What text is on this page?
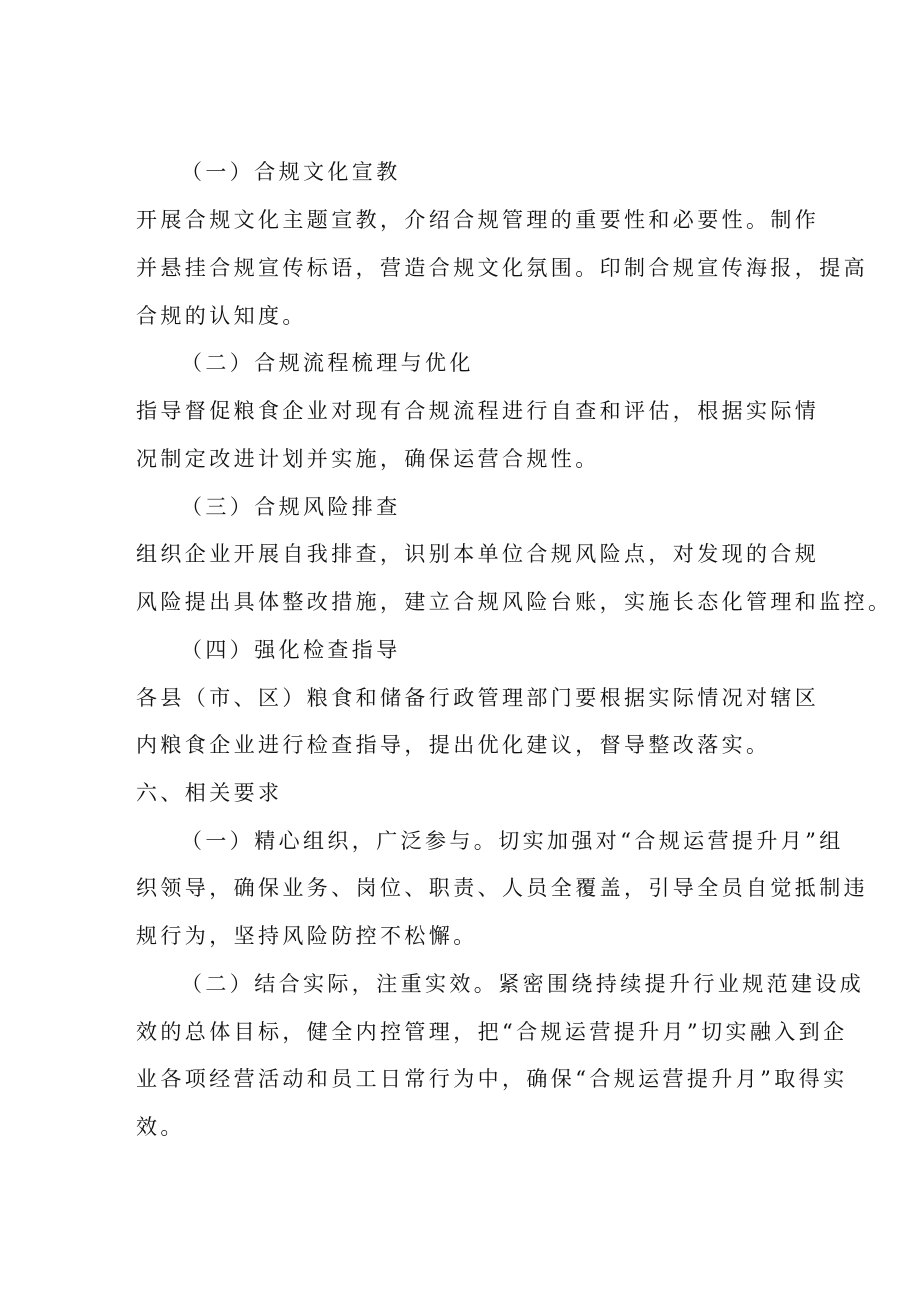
（一）合规文化宣教
开展合规文化主题宣教，介绍合规管理的重要性和必要性。制作
并悬挂合规宣传标语，营造合规文化氛围。印制合规宣传海报，提高
合规的认知度。
（二）合规流程梳理与优化
指导督促粮食企业对现有合规流程进行自查和评估，根据实际情
况制定改进计划并实施，确保运营合规性。
（三）合规风险排查
组织企业开展自我排查，识别本单位合规风险点，对发现的合规
风险提出具体整改措施，建立合规风险台账，实施长态化管理和监控。
（四）强化检查指导
各县（市、区）粮食和储备行政管理部门要根据实际情况对辖区
内粮食企业进行检查指导，提出优化建议，督导整改落实。
六、相关要求
（一）精心组织，广泛参与。切实加强对“合规运营提升月”组
织领导，确保业务、岗位、职责、人员全覆盖，引导全员自觉抵制违
规行为，坚持风险防控不松懈。
（二）结合实际，注重实效。紧密围绕持续提升行业规范建设成
效的总体目标，健全内控管理，把“合规运营提升月”切实融入到企
业各项经营活动和员工日常行为中，确保“合规运营提升月”取得实
效。
